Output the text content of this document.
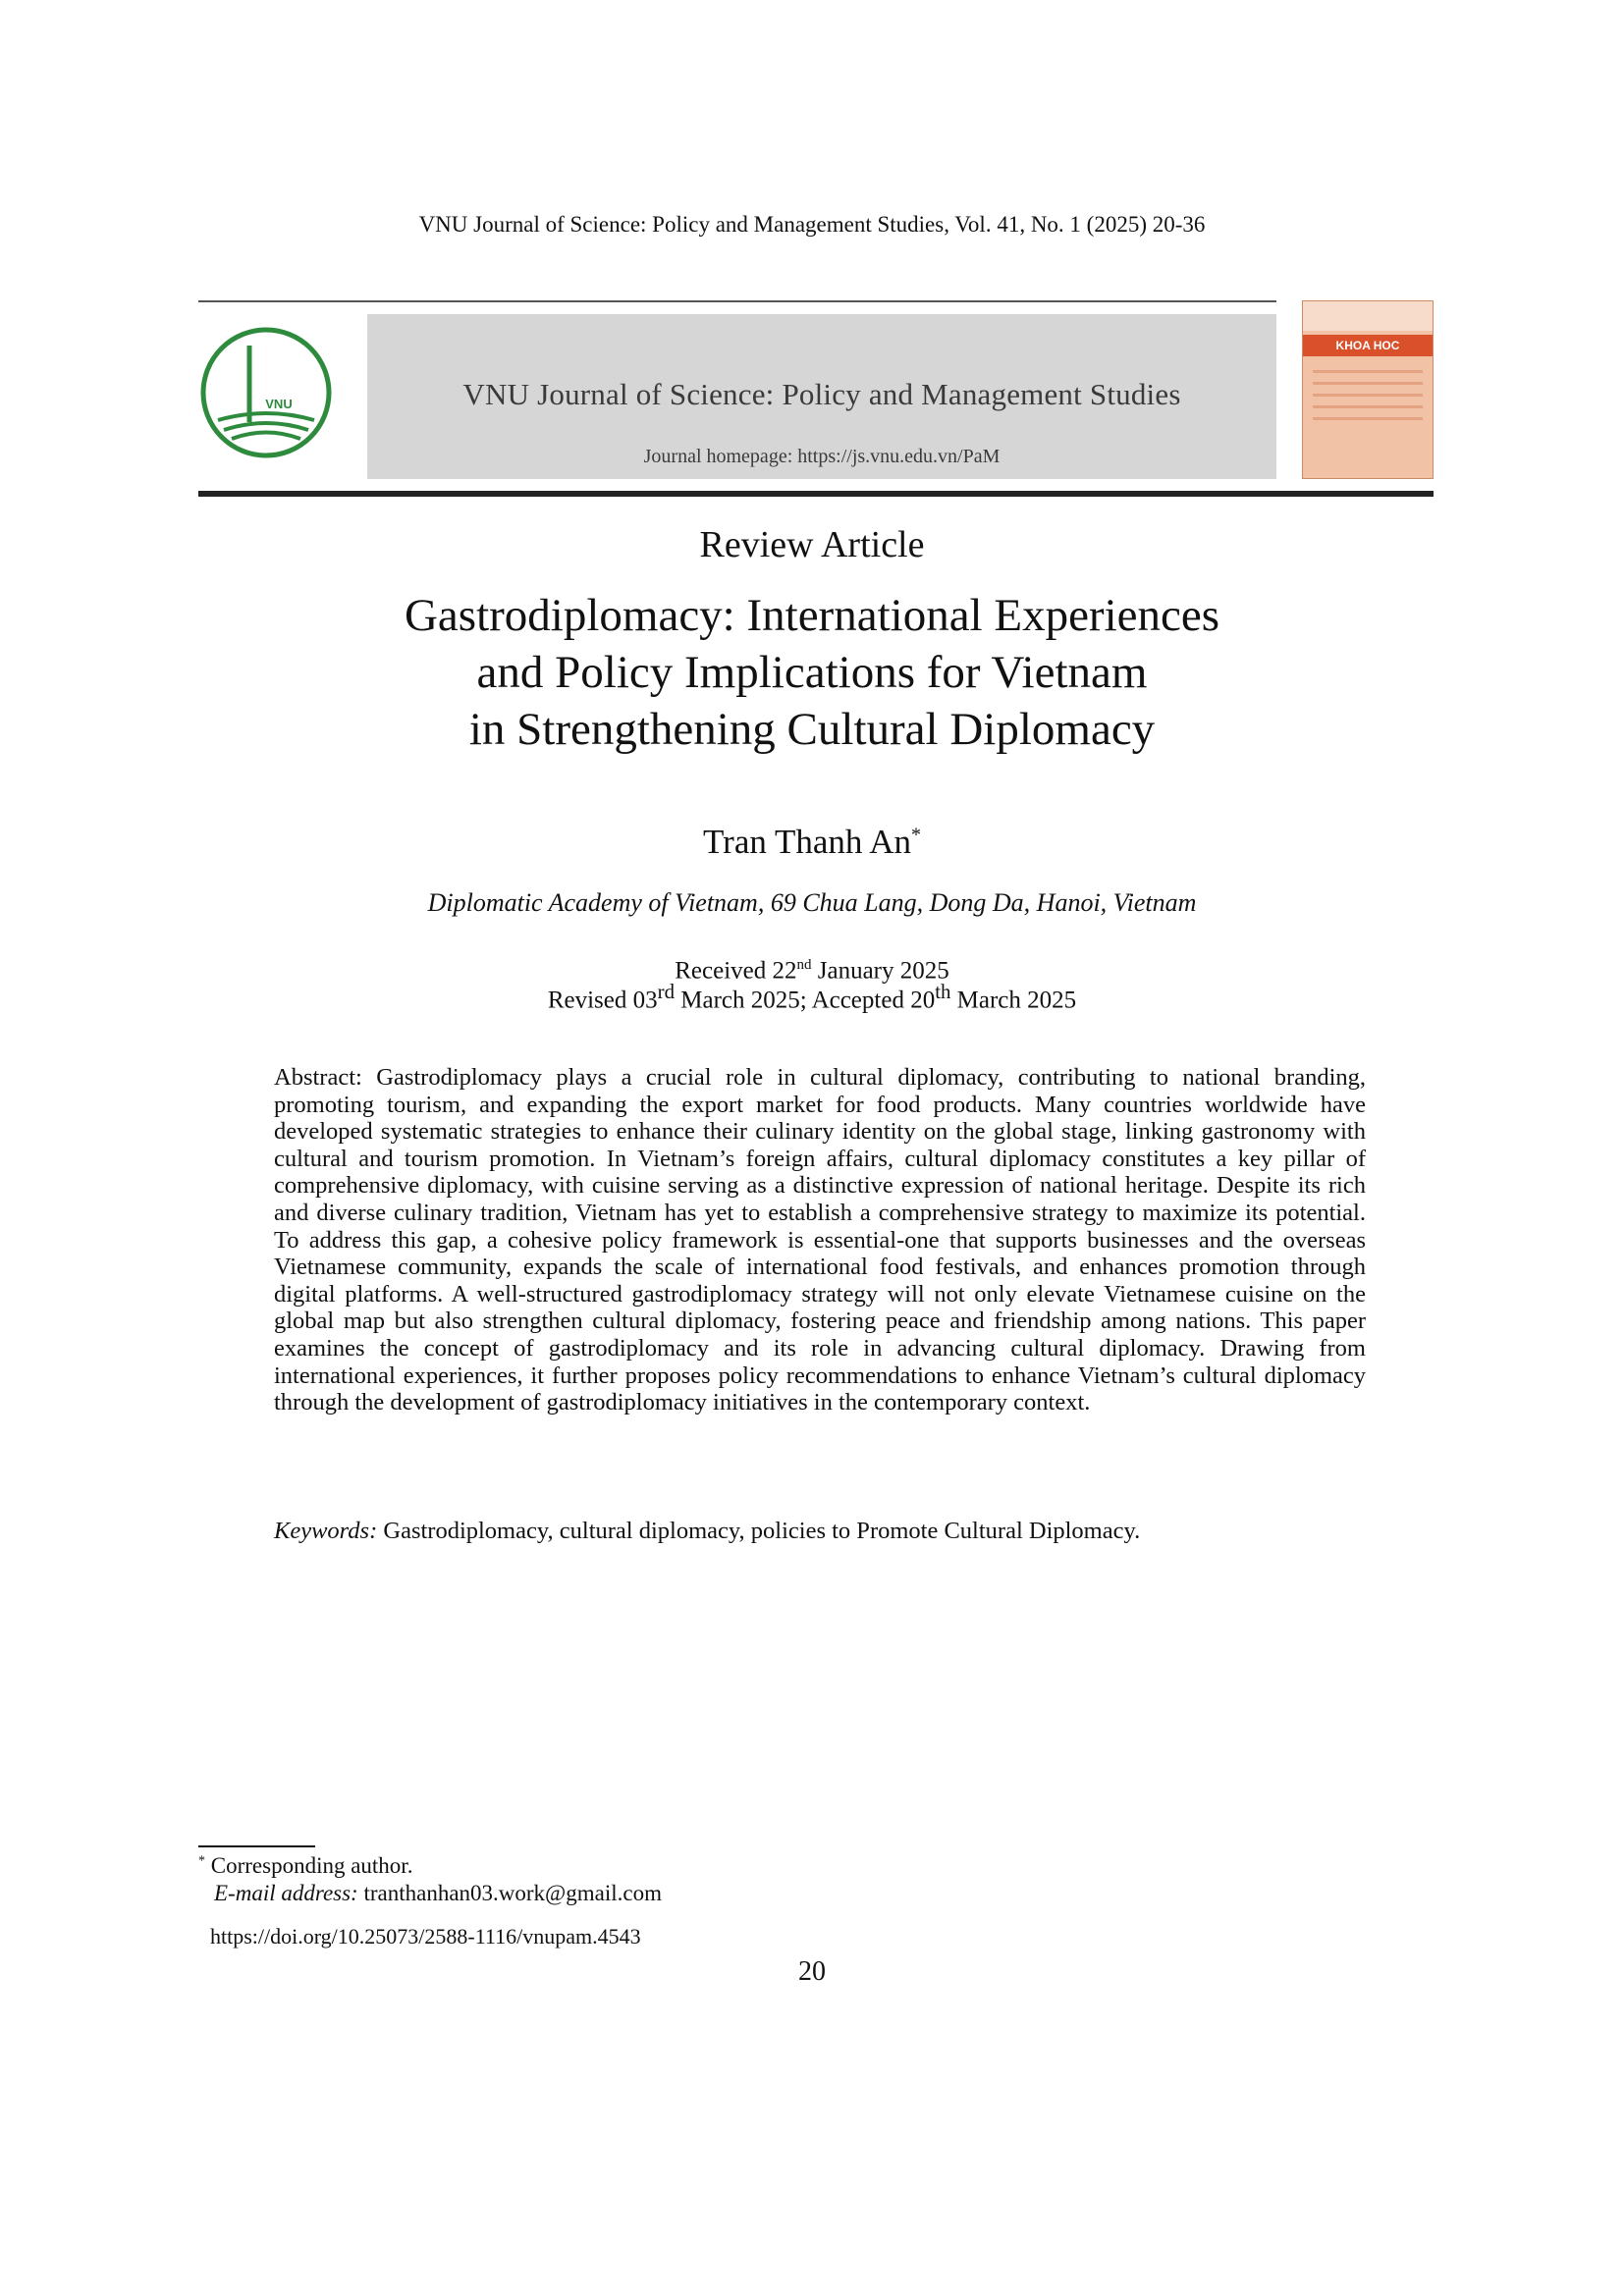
VNU Journal of Science: Policy and Management Studies, Vol. 41, No. 1 (2025) 20-36
VNU	VNU Journal of Science: Policy and Management Studies
Journal homepage: https://js.vnu.edu.vn/PaM
KHOA HOC
Review Article
Gastrodiplomacy: International Experiences
and Policy Implications for Vietnam
in Strengthening Cultural Diplomacy
Tran Thanh An*
Diplomatic Academy of Vietnam, 69 Chua Lang, Dong Da, Hanoi, Vietnam
Received 22nd January 2025
Revised 03rd March 2025; Accepted 20th March 2025
Abstract: Gastrodiplomacy plays a crucial role in cultural diplomacy, contributing to national branding, promoting tourism, and expanding the export market for food products. Many countries worldwide have developed systematic strategies to enhance their culinary identity on the global stage, linking gastronomy with cultural and tourism promotion. In Vietnam’s foreign affairs, cultural diplomacy constitutes a key pillar of comprehensive diplomacy, with cuisine serving as a distinctive expression of national heritage. Despite its rich and diverse culinary tradition, Vietnam has yet to establish a comprehensive strategy to maximize its potential. To address this gap, a cohesive policy framework is essential-one that supports businesses and the overseas Vietnamese community, expands the scale of international food festivals, and enhances promotion through digital platforms. A well-structured gastrodiplomacy strategy will not only elevate Vietnamese cuisine on the global map but also strengthen cultural diplomacy, fostering peace and friendship among nations. This paper examines the concept of gastrodiplomacy and its role in advancing cultural diplomacy. Drawing from international experiences, it further proposes policy recommendations to enhance Vietnam’s cultural diplomacy through the development of gastrodiplomacy initiatives in the contemporary context.
Keywords: Gastrodiplomacy, cultural diplomacy, policies to Promote Cultural Diplomacy.
* Corresponding author.
E-mail address: tranthanhan03.work@gmail.com
https://doi.org/10.25073/2588-1116/vnupam.4543
20
